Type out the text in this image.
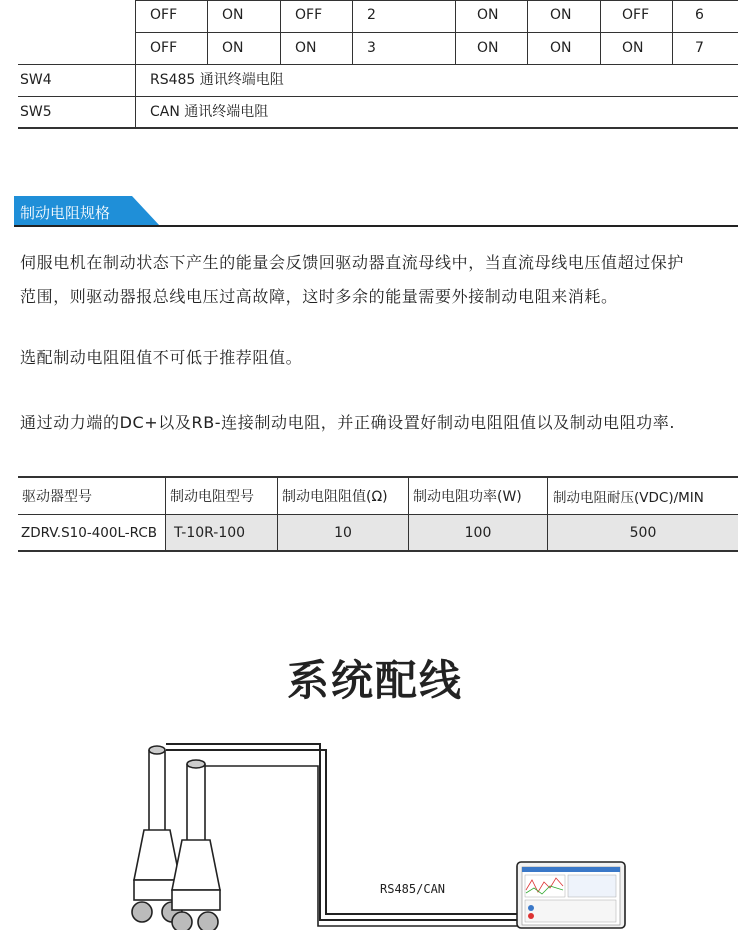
OFF	ON	OFF	2	ON	ON	OFF	6
OFF	ON	ON	3	ON	ON	ON	7
SW4	RS485 通讯终端电阻
SW5	CAN 通讯终端电阻
制动电阻规格
伺服电机在制动状态下产生的能量会反馈回驱动器直流母线中，当直流母线电压值超过保护
范围，则驱动器报总线电压过高故障，这时多余的能量需要外接制动电阻来消耗。
选配制动电阻阻值不可低于推荐阻值。
通过动力端的DC+以及RB-连接制动电阻，并正确设置好制动电阻阻值以及制动电阻功率.
驱动器型号	制动电阻型号 制动电阻阻值(Ω) 制动电阻功率(W) 制动电阻耐压(VDC)/MIN
ZDRV.S10-400L-RCB T-10R-100	10	100	500
系统配线
RS485/CAN
